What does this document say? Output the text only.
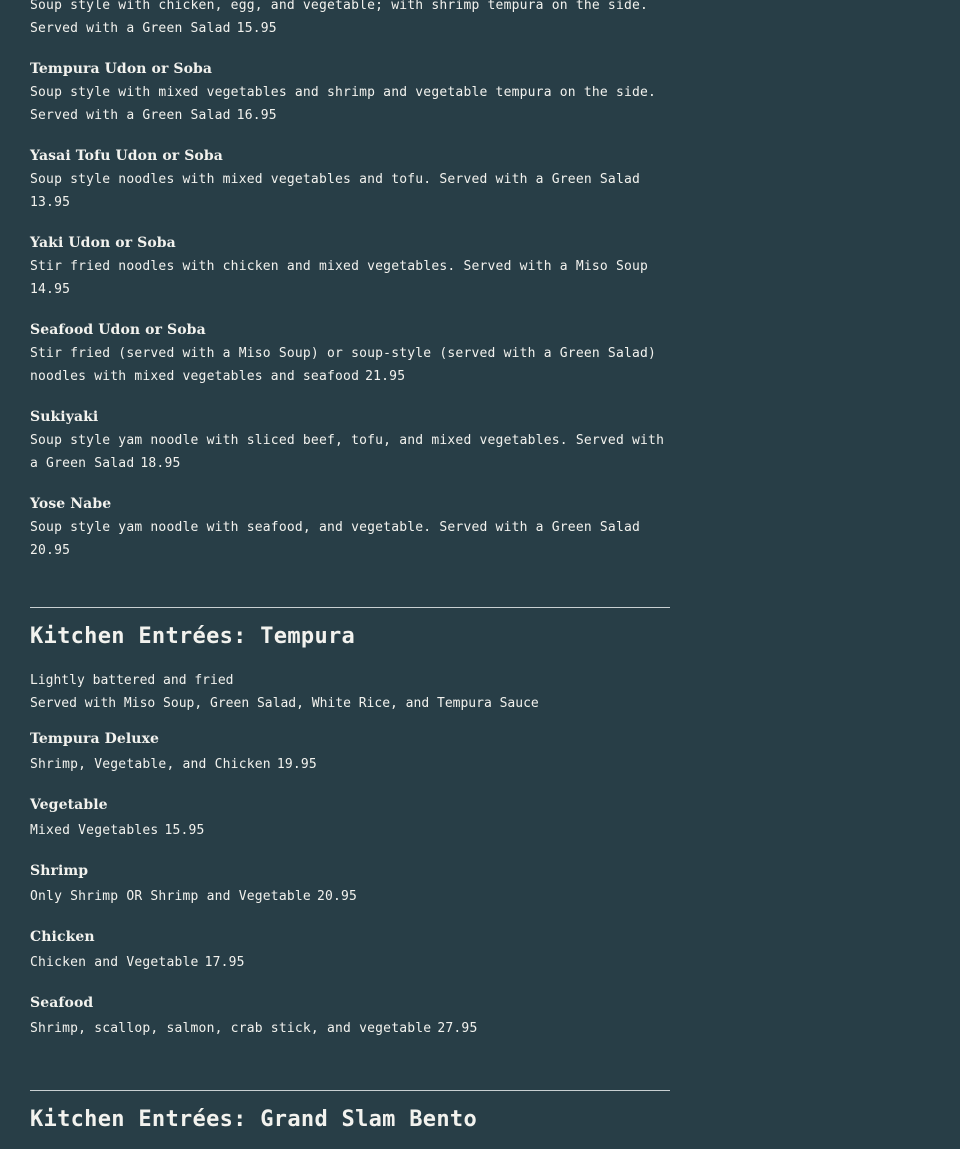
Soup style with chicken, egg, and vegetable; with shrimp tempura on the side. Served with a Green Salad 15.95

Tempura Udon or Soba

Soup style with mixed vegetables and shrimp and vegetable tempura on the side. Served with a Green Salad 16.95

Yasai Tofu Udon or Soba

Soup style noodles with mixed vegetables and tofu. Served with a Green Salad
13.95

Yaki Udon or Soba

Stir fried noodles with chicken and mixed vegetables. Served with a Miso Soup
14.95

Seafood Udon or Soba

Stir fried (served with a Miso Soup) or soup-style (served with a Green Salad) noodles with mixed vegetables and seafood 21.95

Sukiyaki

Soup style yam noodle with sliced beef, tofu, and mixed vegetables. Served with a Green Salad 18.95

Yose Nabe

Soup style yam noodle with seafood, and vegetable. Served with a Green Salad
20.95

Kitchen Entrées: Tempura

Lightly battered and fried
Served with Miso Soup, Green Salad, White Rice, and Tempura Sauce

Tempura Deluxe

Shrimp, Vegetable, and Chicken 19.95

Vegetable

Mixed Vegetables 15.95

Shrimp

Only Shrimp OR Shrimp and Vegetable 20.95

Chicken

Chicken and Vegetable 17.95

Seafood

Shrimp, scallop, salmon, crab stick, and vegetable 27.95

Kitchen Entrées: Grand Slam Bento
